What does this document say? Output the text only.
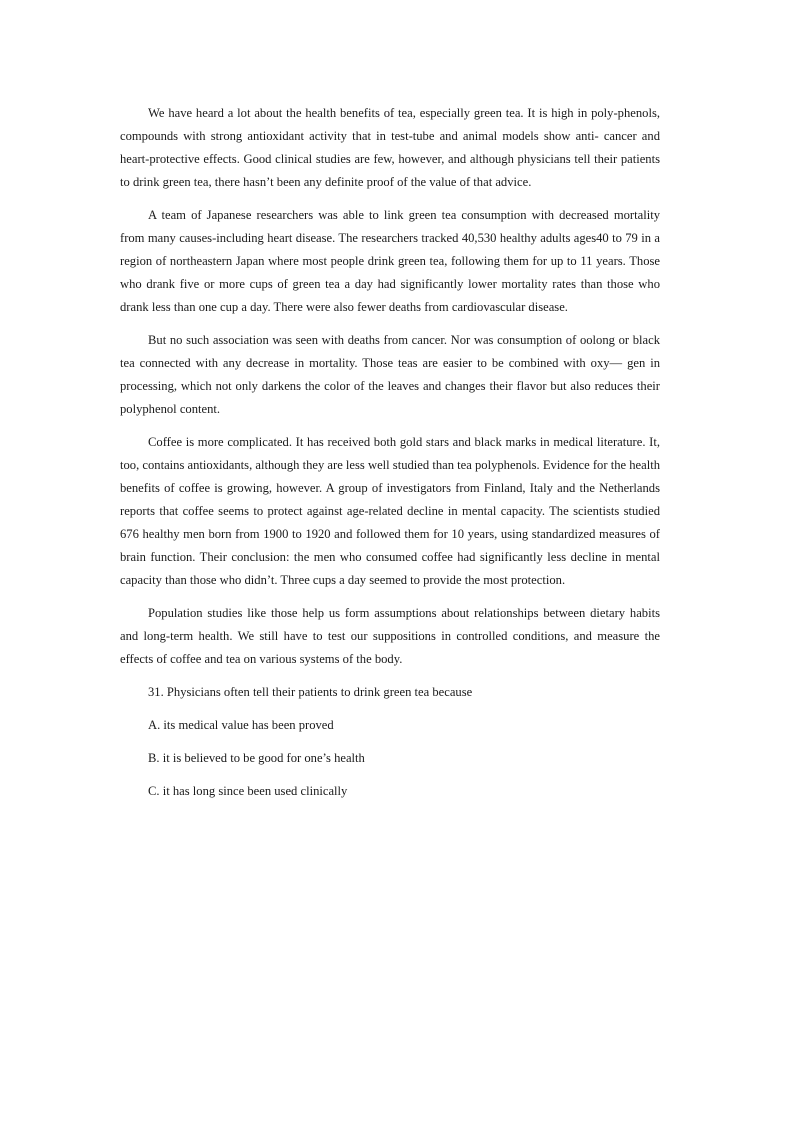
We have heard a lot about the health benefits of tea, especially green tea. It is high in poly-phenols, compounds with strong antioxidant activity that in test-tube and animal models show anti- cancer and heart-protective effects. Good clinical studies are few, however, and although physicians tell their patients to drink green tea, there hasn’t been any definite proof of the value of that advice.

A team of Japanese researchers was able to link green tea consumption with decreased mortality from many causes-including heart disease. The researchers tracked 40,530 healthy adults ages40 to 79 in a region of northeastern Japan where most people drink green tea, following them for up to 11 years. Those who drank five or more cups of green tea a day had significantly lower mortality rates than those who drank less than one cup a day. There were also fewer deaths from cardiovascular disease.

But no such association was seen with deaths from cancer. Nor was consumption of oolong or black tea connected with any decrease in mortality. Those teas are easier to be combined with oxy— gen in processing, which not only darkens the color of the leaves and changes their flavor but also reduces their polyphenol content.

Coffee is more complicated. It has received both gold stars and black marks in medical literature. It, too, contains antioxidants, although they are less well studied than tea polyphenols. Evidence for the health benefits of coffee is growing, however. A group of investigators from Finland, Italy and the Netherlands reports that coffee seems to protect against age-related decline in mental capacity. The scientists studied 676 healthy men born from 1900 to 1920 and followed them for 10 years, using standardized measures of brain function. Their conclusion: the men who consumed coffee had significantly less decline in mental capacity than those who didn’t. Three cups a day seemed to provide the most protection.

Population studies like those help us form assumptions about relationships between dietary habits and long-term health. We still have to test our suppositions in controlled conditions, and measure the effects of coffee and tea on various systems of the body.

31. Physicians often tell their patients to drink green tea because

A. its medical value has been proved

B. it is believed to be good for one’s health

C. it has long since been used clinically
